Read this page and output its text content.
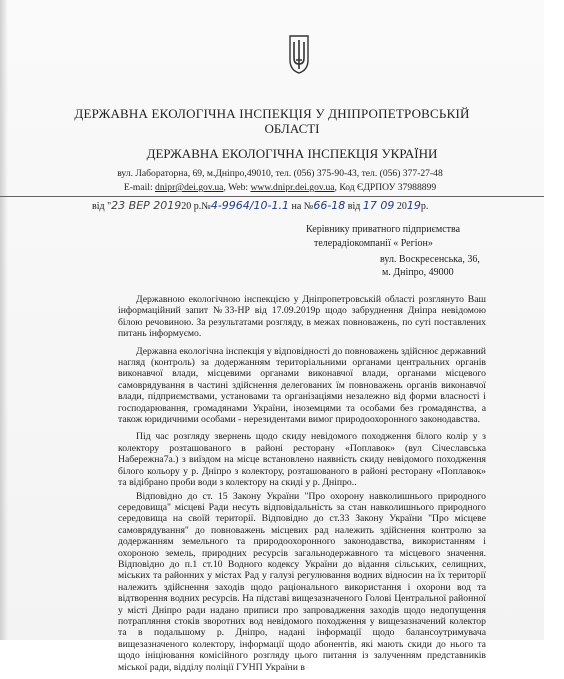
ДЕРЖАВНА ЕКОЛОГІЧНА ІНСПЕКЦІЯ У ДНІПРОПЕТРОВСЬКІЙ
ОБЛАСТІ
ДЕРЖАВНА ЕКОЛОГІЧНА ІНСПЕКЦІЯ УКРАЇНИ
вул. Лабораторна, 69, м.Дніпро,49010, тел. (056) 375-90-43, тел. (056) 377-27-48
E-mail: dnipr@dei.gov.ua, Web: www.dnipr.dei.gov.ua, Код ЄДРПОУ 37988899
від "23 ВЕР 201920 р.№4-9964/10-1.1 на №66-18 від 17 09 2019р.
Керівнику приватного підприємства
телерадіокомпанії « Регіон»
вул. Воскресенська, 36,
м. Дніпро, 49000

Державною екологічною інспекцією у Дніпропетровській області розглянуто Ваш інформаційний запит №33-НР від 17.09.2019р щодо забруднення Дніпра невідомою білою речовиною. За результатами розгляду, в межах повноважень, по суті поставлених питань інформуємо.

Державна екологічна інспекція у відповідності до повноважень здійснює державний нагляд (контроль) за додержанням територіальними органами центральних органів виконавчої влади, місцевими органами виконавчої влади, органами місцевого самоврядування в частині здійснення делегованих їм повноважень органів виконавчої влади, підприємствами, установами та організаціями незалежно від форми власності і господарювання, громадянами України, іноземцями та особами без громадянства, а також юридичними особами - нерезидентами вимог природоохоронного законодавства.

Під час розгляду звернень щодо скиду невідомого походження білого колір у з колектору розташованого в районі ресторану «Поплавок» (вул Січеславська Набережна7а.) з виїздом на місце встановлено наявність скиду невідомого походження білого кольору у р. Дніпро з колектору, розташованого в районі ресторану «Поплавок» та відібрано проби води з колектору на скиді у р. Дніпро..

Відповідно до ст. 15 Закону України "Про охорону навколишнього природного середовища" місцеві Ради несуть відповідальність за стан навколишнього природного середовища на своїй території. Відповідно до ст.33 Закону України "Про місцеве самоврядування" до повноважень місцевих рад належить здійснення контролю за додержанням земельного та природоохоронного законодавства, використанням і охороною земель, природних ресурсів загальнодержавного та місцевого значення. Відповідно до п.1 ст.10 Водного кодексу України до відання сільських, селищних, міських та районних у містах Рад у галузі регулювання водних відносин на їх території належить здійснення заходів щодо раціонального використання і охорони вод та відтворення водних ресурсів. На підставі вищезазначеного Голові Центральної районної у місті Дніпро ради надано приписи про запровадження заходів щодо недопущення потрапляння стоків зворотних вод невідомого походження у вищезазначений колектор та в подальшому р. Дніпро, надані інформації щодо балансоутримувача вищезазначеного колектору, інформації щодо абонентів, які мають скиди до нього та щодо ініціювання комісійного розгляду цього питання із залученням представників міської ради, відділу поліції ГУНП України в
